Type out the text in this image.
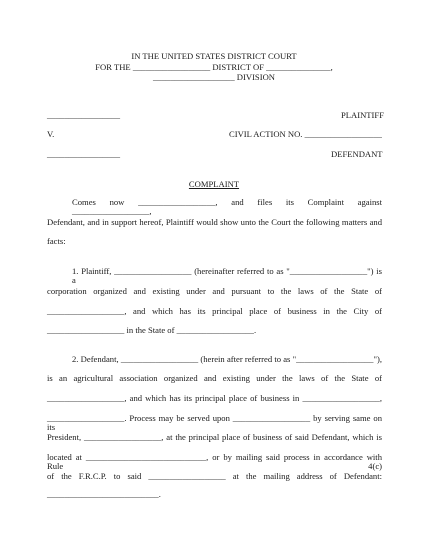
IN THE UNITED STATES DISTRICT COURT
FOR THE __________________ DISTRICT OF _______________,
___________________ DIVISION
_________________	PLAINTIFF
V.	CIVIL ACTION NO. __________________
_________________	DEFENDANT
COMPLAINT
Comes now __________________, and files its Complaint against __________________,
Defendant, and in support hereof, Plaintiff would show unto the Court the following matters and
facts:
1. Plaintiff, __________________ (hereinafter referred to as "__________________") is a
corporation organized and existing under and pursuant to the laws of the State of
__________________, and which has its principal place of business in the City of
__________________ in the State of __________________.
2. Defendant, __________________ (herein after referred to as "__________________"),
is an agricultural association organized and existing under the laws of the State of
__________________, and which has its principal place of business in __________________,
__________________. Process may be served upon __________________ by serving same on its
President, __________________, at the principal place of business of said Defendant, which is
located at ____________________________, or by mailing said process in accordance with Rule 4(c)
of the F.R.C.P. to said __________________ at the mailing address of Defendant:
__________________________.
